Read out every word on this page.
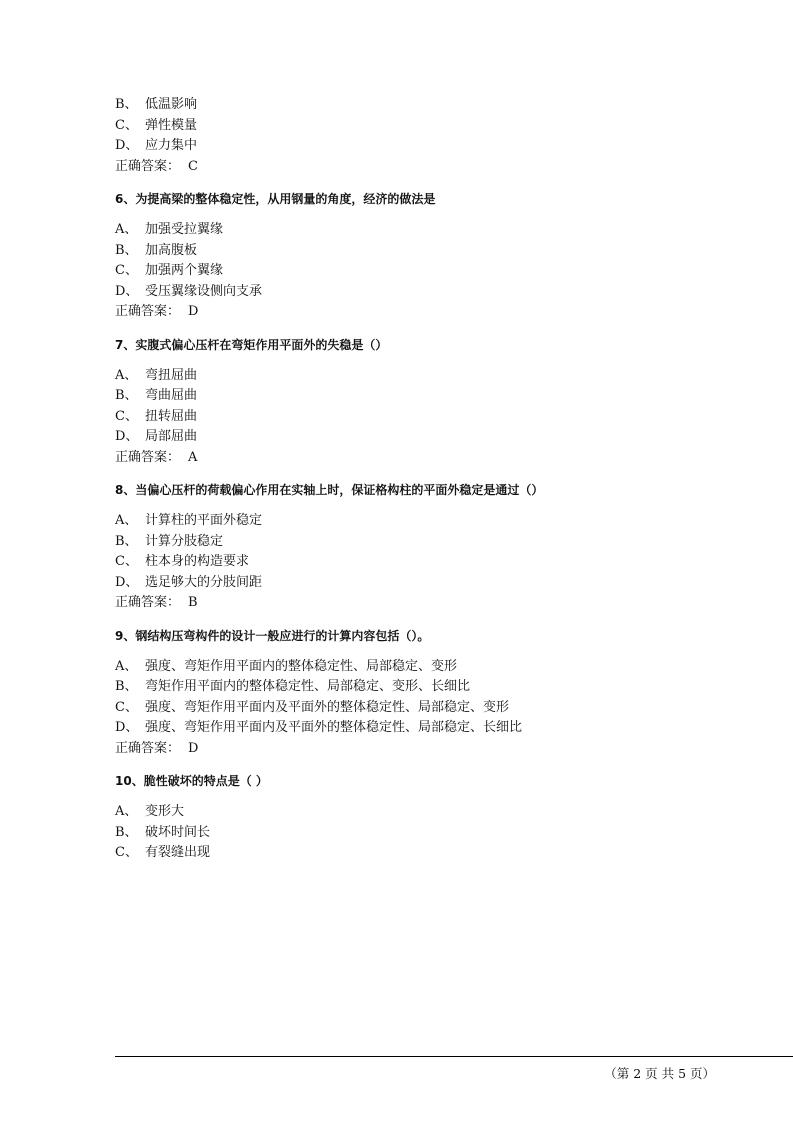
B、 低温影响
C、 弹性模量
D、 应力集中
正确答案： C
6、为提高梁的整体稳定性，从用钢量的角度，经济的做法是
A、 加强受拉翼缘
B、 加高腹板
C、 加强两个翼缘
D、 受压翼缘设侧向支承
正确答案： D
7、实腹式偏心压杆在弯矩作用平面外的失稳是（）
A、 弯扭屈曲
B、 弯曲屈曲
C、 扭转屈曲
D、 局部屈曲
正确答案： A
8、当偏心压杆的荷载偏心作用在实轴上时，保证格构柱的平面外稳定是通过（）
A、 计算柱的平面外稳定
B、 计算分肢稳定
C、 柱本身的构造要求
D、 选足够大的分肢间距
正确答案： B
9、钢结构压弯构件的设计一般应进行的计算内容包括（）。
A、 强度、弯矩作用平面内的整体稳定性、局部稳定、变形
B、 弯矩作用平面内的整体稳定性、局部稳定、变形、长细比
C、 强度、弯矩作用平面内及平面外的整体稳定性、局部稳定、变形
D、 强度、弯矩作用平面内及平面外的整体稳定性、局部稳定、长细比
正确答案： D
10、脆性破坏的特点是（ ）
A、 变形大
B、 破坏时间长
C、 有裂缝出现
（第 2 页 共 5 页）
